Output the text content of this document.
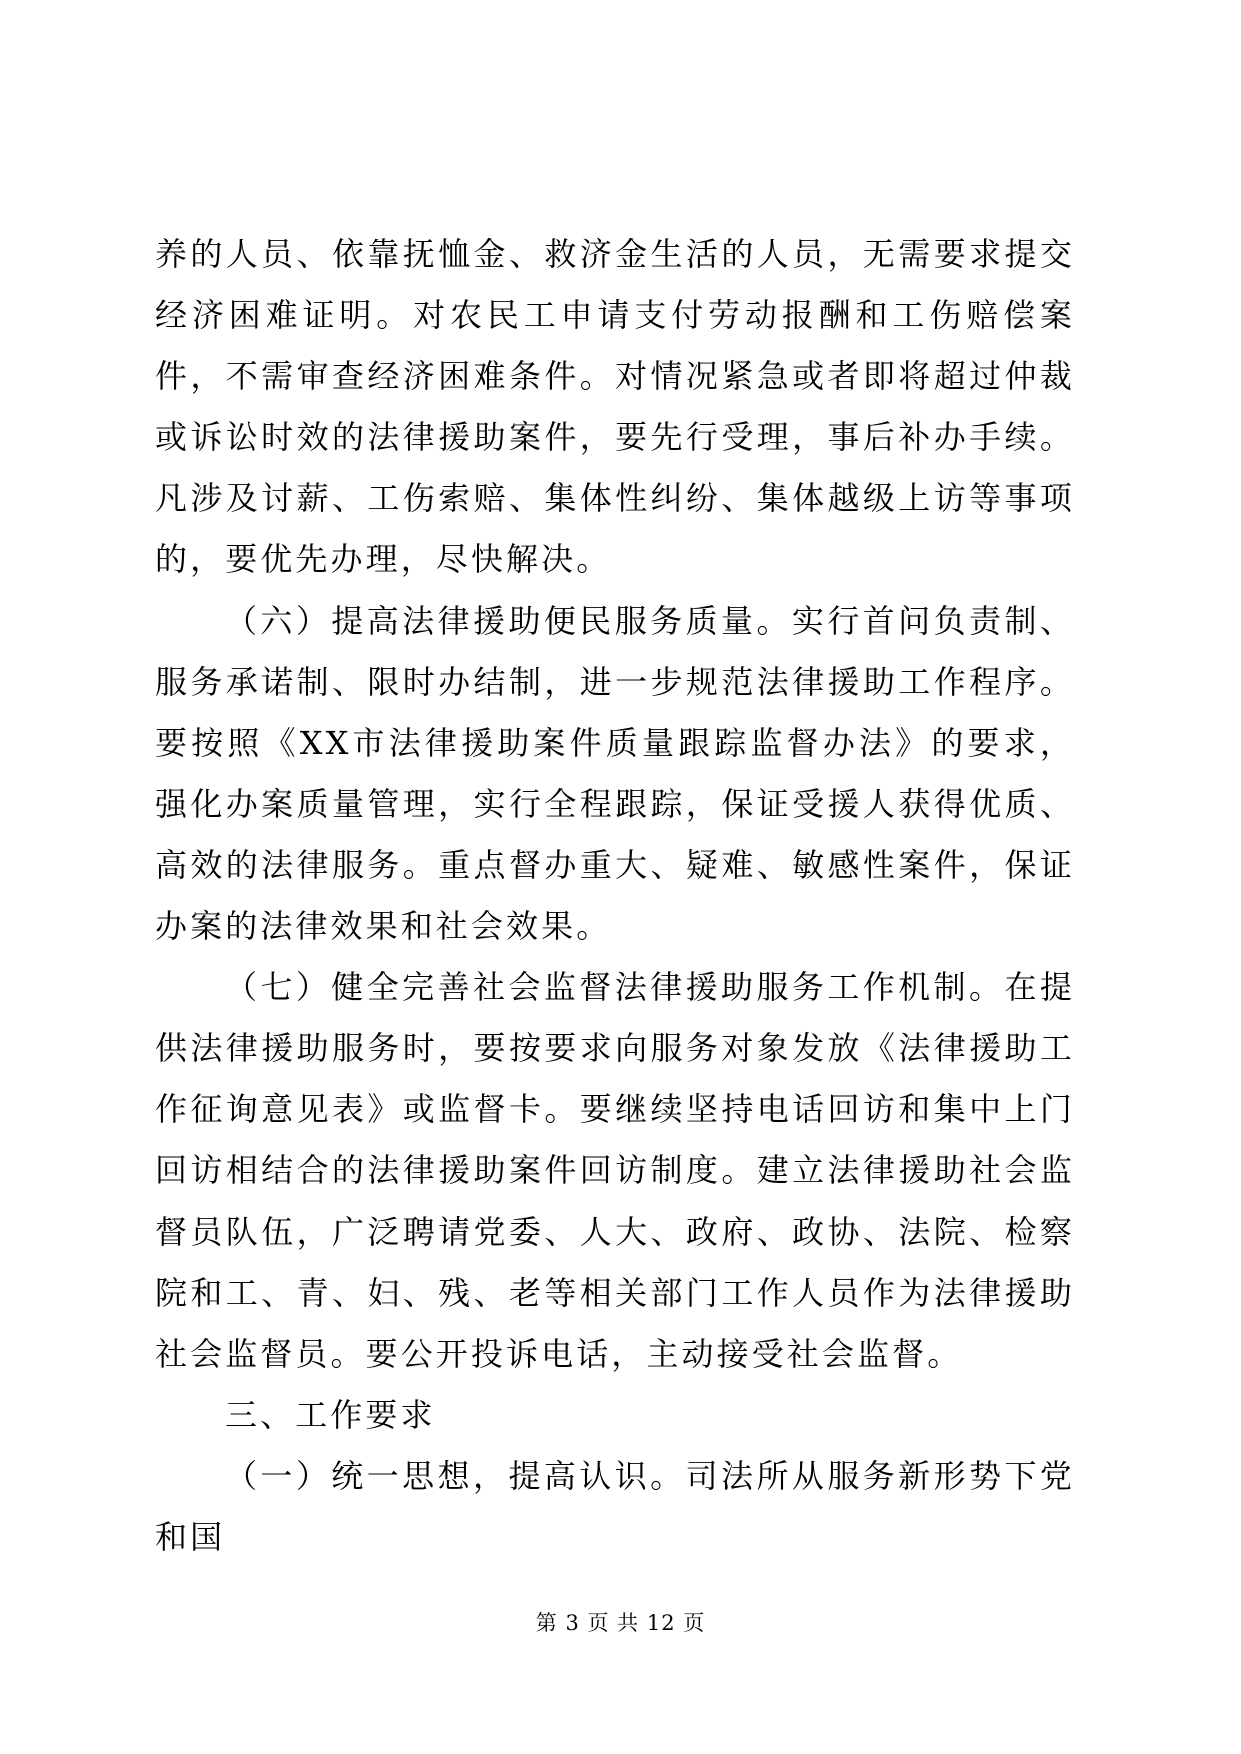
养的人员、依靠抚恤金、救济金生活的人员，无需要求提交经济困难证明。对农民工申请支付劳动报酬和工伤赔偿案件，不需审查经济困难条件。对情况紧急或者即将超过仲裁或诉讼时效的法律援助案件，要先行受理，事后补办手续。凡涉及讨薪、工伤索赔、集体性纠纷、集体越级上访等事项的，要优先办理，尽快解决。

（六）提高法律援助便民服务质量。实行首问负责制、服务承诺制、限时办结制，进一步规范法律援助工作程序。要按照《XX市法律援助案件质量跟踪监督办法》的要求，强化办案质量管理，实行全程跟踪，保证受援人获得优质、高效的法律服务。重点督办重大、疑难、敏感性案件，保证办案的法律效果和社会效果。

（七）健全完善社会监督法律援助服务工作机制。在提供法律援助服务时，要按要求向服务对象发放《法律援助工作征询意见表》或监督卡。要继续坚持电话回访和集中上门回访相结合的法律援助案件回访制度。建立法律援助社会监督员队伍，广泛聘请党委、人大、政府、政协、法院、检察院和工、青、妇、残、老等相关部门工作人员作为法律援助社会监督员。要公开投诉电话，主动接受社会监督。

三、工作要求

（一）统一思想，提高认识。司法所从服务新形势下党和国

第 3 页 共 12 页
